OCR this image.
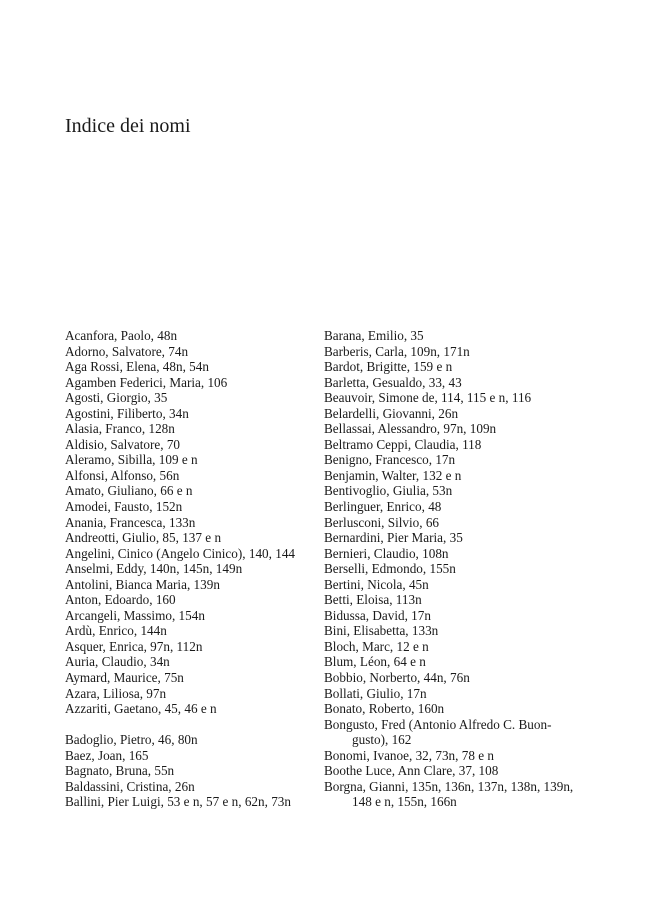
Indice dei nomi
Acanfora, Paolo, 48n
Adorno, Salvatore, 74n
Aga Rossi, Elena, 48n, 54n
Agamben Federici, Maria, 106
Agosti, Giorgio, 35
Agostini, Filiberto, 34n
Alasia, Franco, 128n
Aldisio, Salvatore, 70
Aleramo, Sibilla, 109 e n
Alfonsi, Alfonso, 56n
Amato, Giuliano, 66 e n
Amodei, Fausto, 152n
Anania, Francesca, 133n
Andreotti, Giulio, 85, 137 e n
Angelini, Cinico (Angelo Cinico), 140, 144
Anselmi, Eddy, 140n, 145n, 149n
Antolini, Bianca Maria, 139n
Anton, Edoardo, 160
Arcangeli, Massimo, 154n
Ardù, Enrico, 144n
Asquer, Enrica, 97n, 112n
Auria, Claudio, 34n
Aymard, Maurice, 75n
Azara, Liliosa, 97n
Azzariti, Gaetano, 45, 46 e n
Badoglio, Pietro, 46, 80n
Baez, Joan, 165
Bagnato, Bruna, 55n
Baldassini, Cristina, 26n
Ballini, Pier Luigi, 53 e n, 57 e n, 62n, 73n
Barana, Emilio, 35
Barberis, Carla, 109n, 171n
Bardot, Brigitte, 159 e n
Barletta, Gesualdo, 33, 43
Beauvoir, Simone de, 114, 115 e n, 116
Belardelli, Giovanni, 26n
Bellassai, Alessandro, 97n, 109n
Beltramo Ceppi, Claudia, 118
Benigno, Francesco, 17n
Benjamin, Walter, 132 e n
Bentivoglio, Giulia, 53n
Berlinguer, Enrico, 48
Berlusconi, Silvio, 66
Bernardini, Pier Maria, 35
Bernieri, Claudio, 108n
Berselli, Edmondo, 155n
Bertini, Nicola, 45n
Betti, Eloisa, 113n
Bidussa, David, 17n
Bini, Elisabetta, 133n
Bloch, Marc, 12 e n
Blum, Léon, 64 e n
Bobbio, Norberto, 44n, 76n
Bollati, Giulio, 17n
Bonato, Roberto, 160n
Bongusto, Fred (Antonio Alfredo C. Buon-gusto), 162
Bonomi, Ivanoe, 32, 73n, 78 e n
Boothe Luce, Ann Clare, 37, 108
Borgna, Gianni, 135n, 136n, 137n, 138n, 139n, 148 e n, 155n, 166n
